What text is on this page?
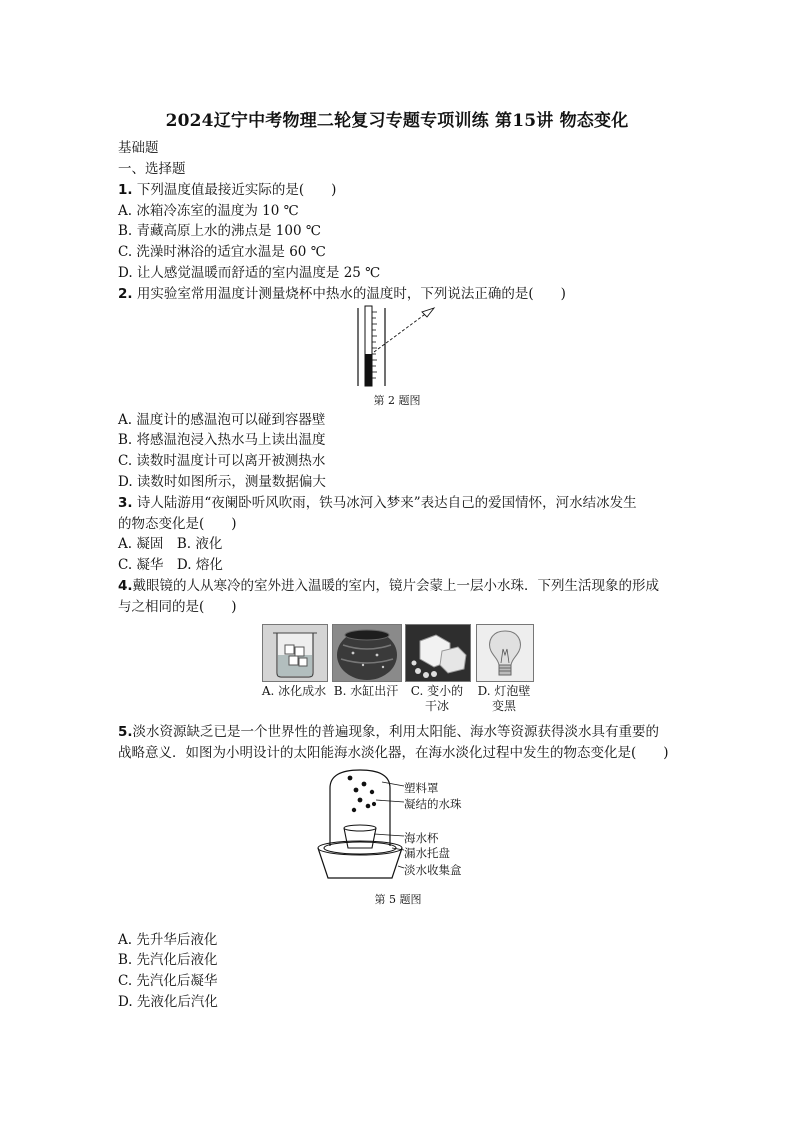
2024辽宁中考物理二轮复习专题专项训练 第15讲 物态变化
基础题
一、选择题
1. 下列温度值最接近实际的是(　　)
A. 冰箱冷冻室的温度为 10 ℃
B. 青藏高原上水的沸点是 100 ℃
C. 洗澡时淋浴的适宜水温是 60 ℃
D. 让人感觉温暖而舒适的室内温度是 25 ℃
2. 用实验室常用温度计测量烧杯中热水的温度时，下列说法正确的是(　　)
第 2 题图
A. 温度计的感温泡可以碰到容器壁
B. 将感温泡浸入热水马上读出温度
C. 读数时温度计可以离开被测热水
D. 读数时如图所示，测量数据偏大
3. 诗人陆游用“夜阑卧听风吹雨，铁马冰河入梦来”表达自己的爱国情怀，河水结冰发生
的物态变化是(　　)
A. 凝固　B. 液化
C. 凝华　D. 熔化
4.戴眼镜的人从寒冷的室外进入温暖的室内，镜片会蒙上一层小水珠．下列生活现象的形成
与之相同的是(　　)
A. 冰化成水 B. 水缸出汗	C. 变小的
干冰
D. 灯泡壁
变黑
5.淡水资源缺乏已是一个世界性的普遍现象，利用太阳能、海水等资源获得淡水具有重要的
战略意义．如图为小明设计的太阳能海水淡化器，在海水淡化过程中发生的物态变化是(　　)
塑料罩
凝结的水珠
海水杯
漏水托盘
淡水收集盒
第 5 题图
A. 先升华后液化
B. 先汽化后液化
C. 先汽化后凝华
D. 先液化后汽化
